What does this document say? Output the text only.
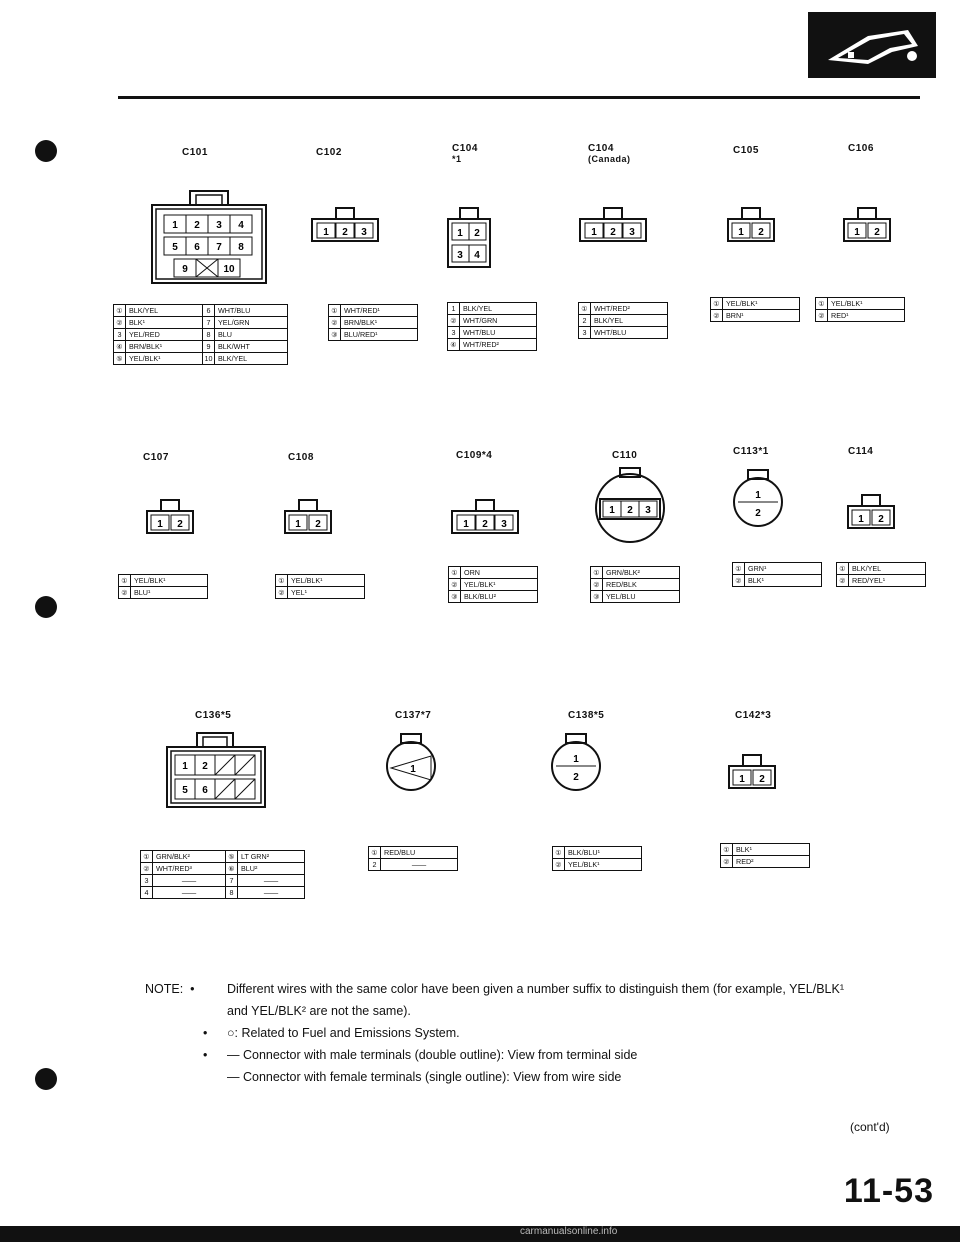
C101
1 2 3 4
5 6 7 8
9	10
①	BLK/YEL	6	WHT/BLU
②	BLK¹	7	YEL/GRN
3	YEL/RED	8	BLU
④	BRN/BLK¹	9	BLK/WHT
⑤	YEL/BLK¹	10	BLK/YEL
C102
1 2 3
①	WHT/RED¹
②	BRN/BLK¹
③	BLU/RED¹
C104
*1
1 2
3 4
1	BLK/YEL
②	WHT/GRN
3	WHT/BLU
④	WHT/RED²
C104
(Canada)
1 2 3
①	WHT/RED²
2	BLK/YEL
3	WHT/BLU
C105
1 2
①	YEL/BLK¹
②	BRN¹
C106
1 2
①	YEL/BLK¹
②	RED¹
C107
1 2
①	YEL/BLK¹
②	BLU¹
C108
1 2
①	YEL/BLK¹
②	YEL¹
C109*4
1 2 3
①	ORN
②	YEL/BLK¹
③	BLK/BLU²
C110
1 2 3
①	GRN/BLK²
②	RED/BLK
③	YEL/BLU
C113*1
1
2
①	GRN¹
②	BLK¹
C114
1 2
①	BLK/YEL
②	RED/YEL¹
C136*5
1 2
5 6
①	GRN/BLK²	⑤	LT GRN²
②	WHT/RED³	⑥	BLU²
3	——	7	——
4	——	8	——
C137*7
1
①	RED/BLU
2	——
C138*5
1
2
①	BLK/BLU¹
②	YEL/BLK¹
C142*3
1 2
①	BLK¹
②	RED²
NOTE:  •	Different wires with the same color have been given a number suffix to distinguish them (for example, YEL/BLK¹
and YEL/BLK² are not the same).
• ○: Related to Fuel and Emissions System.
• — Connector with male terminals (double outline): View from terminal side
— Connector with female terminals (single outline): View from wire side
(cont'd)
11-53
carmanualsonline.info
